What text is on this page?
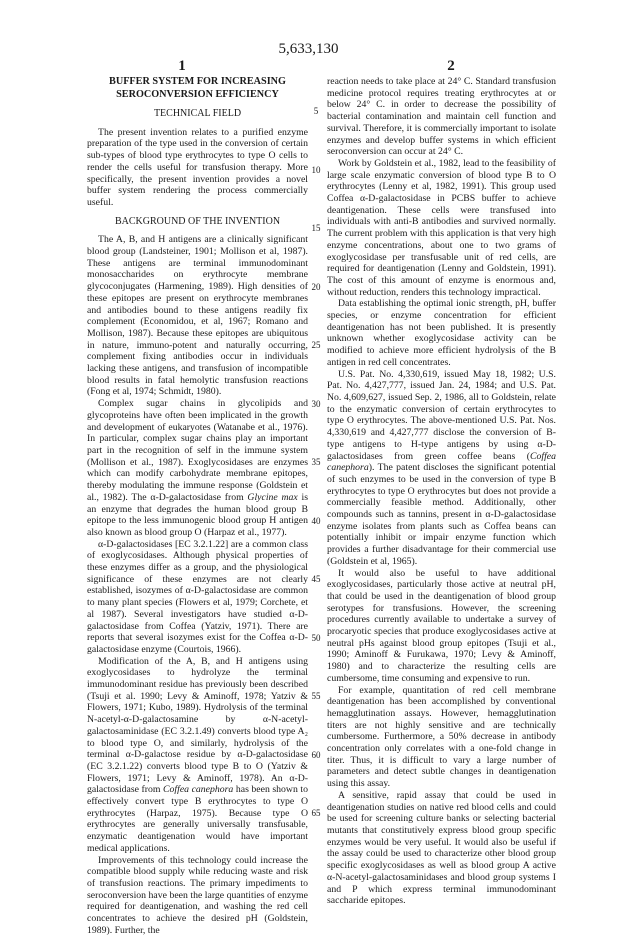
5,633,130
1	2
BUFFER SYSTEM FOR INCREASING
SEROCONVERSION EFFICIENCY
TECHNICAL FIELD

The present invention relates to a purified enzyme preparation of the type used in the conversion of certain sub-types of blood type erythrocytes to type O cells to render the cells useful for transfusion therapy. More specifically, the present invention provides a novel buffer system rendering the process commercially useful.

BACKGROUND OF THE INVENTION

The A, B, and H antigens are a clinically significant blood group (Landsteiner, 1901; Mollison et al, 1987). These antigens are terminal immunodominant monosaccharides on erythrocyte membrane glycoconjugates (Harmening, 1989). High densities of these epitopes are present on erythrocyte membranes and antibodies bound to these antigens readily fix complement (Economidou, et al, 1967; Romano and Mollison, 1987). Because these epitopes are ubiquitous in nature, immuno-potent and naturally occurring, complement fixing antibodies occur in individuals lacking these antigens, and transfusion of incompatible blood results in fatal hemolytic transfusion reactions (Fong et al, 1974; Schmidt, 1980).

Complex sugar chains in glycolipids and glycoproteins have often been implicated in the growth and development of eukaryotes (Watanabe et al., 1976). In particular, complex sugar chains play an important part in the recognition of self in the immune system (Mollison et al., 1987). Exoglycosidases are enzymes which can modify carbohydrate membrane epitopes, thereby modulating the immune response (Goldstein et al., 1982). The α-D-galactosidase from Glycine max is an enzyme that degrades the human blood group B epitope to the less immunogenic blood group H antigen also known as blood group O (Harpaz et al., 1977).

α-D-galactosidases [EC 3.2.1.22] are a common class of exoglycosidases. Although physical properties of these enzymes differ as a group, and the physiological significance of these enzymes are not clearly established, isozymes of α-D-galactosidase are common to many plant species (Flowers et al, 1979; Corchete, et al 1987). Several investigators have studied α-D-galactosidase from Coffea (Yatziv, 1971). There are reports that several isozymes exist for the Coffea α-D-galactosidase enzyme (Courtois, 1966).

Modification of the A, B, and H antigens using exoglycosidases to hydrolyze the terminal immunodominant residue has previously been described (Tsuji et al. 1990; Levy & Aminoff, 1978; Yatziv & Flowers, 1971; Kubo, 1989). Hydrolysis of the terminal N-acetyl-α-D-galactosamine by α-N-acetyl-galactosaminidase (EC 3.2.1.49) converts blood type A₂ to blood type O, and similarly, hydrolysis of the terminal α-D-galactose residue by α-D-galactosidase (EC 3.2.1.22) converts blood type B to O (Yatziv & Flowers, 1971; Levy & Aminoff, 1978). An α-D-galactosidase from Coffea canephora has been shown to effectively convert type B erythrocytes to type O erythrocytes (Harpaz, 1975). Because type O erythrocytes are generally universally transfusable, enzymatic deantigenation would have important medical applications.

Improvements of this technology could increase the compatible blood supply while reducing waste and risk of transfusion reactions. The primary impediments to seroconversion have been the large quantities of enzyme required for deantigenation, and washing the red cell concentrates to achieve the desired pH (Goldstein, 1989). Further, the

reaction needs to take place at 24° C. Standard transfusion medicine protocol requires treating erythrocytes at or below 24° C. in order to decrease the possibility of bacterial contamination and maintain cell function and survival. Therefore, it is commercially important to isolate enzymes and develop buffer systems in which efficient seroconversion can occur at 24° C.

Work by Goldstein et al., 1982, lead to the feasibility of large scale enzymatic conversion of blood type B to O erythrocytes (Lenny et al, 1982, 1991). This group used Coffea α-D-galactosidase in PCBS buffer to achieve deantigenation. These cells were transfused into individuals with anti-B antibodies and survived normally. The current problem with this application is that very high enzyme concentrations, about one to two grams of exoglycosidase per transfusable unit of red cells, are required for deantigenation (Lenny and Goldstein, 1991). The cost of this amount of enzyme is enormous and, without reduction, renders this technology impractical.

Data establishing the optimal ionic strength, pH, buffer species, or enzyme concentration for efficient deantigenation has not been published. It is presently unknown whether exoglycosidase activity can be modified to achieve more efficient hydrolysis of the B antigen in red cell concentrates.

U.S. Pat. No. 4,330,619, issued May 18, 1982; U.S. Pat. No. 4,427,777, issued Jan. 24, 1984; and U.S. Pat. No. 4,609,627, issued Sep. 2, 1986, all to Goldstein, relate to the enzymatic conversion of certain erythrocytes to type O erythrocytes. The above-mentioned U.S. Pat. Nos. 4,330,619 and 4,427,777 disclose the conversion of B-type antigens to H-type antigens by using α-D-galactosidases from green coffee beans (Coffea canephora). The patent discloses the significant potential of such enzymes to be used in the conversion of type B erythrocytes to type O erythrocytes but does not provide a commercially feasible method. Additionally, other compounds such as tannins, present in α-D-galactosidase enzyme isolates from plants such as Coffea beans can potentially inhibit or impair enzyme function which provides a further disadvantage for their commercial use (Goldstein et al, 1965).

It would also be useful to have additional exoglycosidases, particularly those active at neutral pH, that could be used in the deantigenation of blood group serotypes for transfusions. However, the screening procedures currently available to undertake a survey of procaryotic species that produce exoglycosidases active at neutral pHs against blood group epitopes (Tsuji et al., 1990; Aminoff & Furukawa, 1970; Levy & Aminoff, 1980) and to characterize the resulting cells are cumbersome, time consuming and expensive to run.

For example, quantitation of red cell membrane deantigenation has been accomplished by conventional hemagglutination assays. However, hemagglutination titers are not highly sensitive and are technically cumbersome. Furthermore, a 50% decrease in antibody concentration only correlates with a one-fold change in titer. Thus, it is difficult to vary a large number of parameters and detect subtle changes in deantigenation using this assay.

A sensitive, rapid assay that could be used in deantigenation studies on native red blood cells and could be used for screening culture banks or selecting bacterial mutants that constitutively express blood group specific enzymes would be very useful. It would also be useful if the assay could be used to characterize other blood group specific exoglycosidases as well as blood group A active α-N-acetyl-galactosaminidases and blood group systems I and P which express terminal immunodominant saccharide epitopes.

5
10
15
20
25
30
35
40
45
50
55
60
65
